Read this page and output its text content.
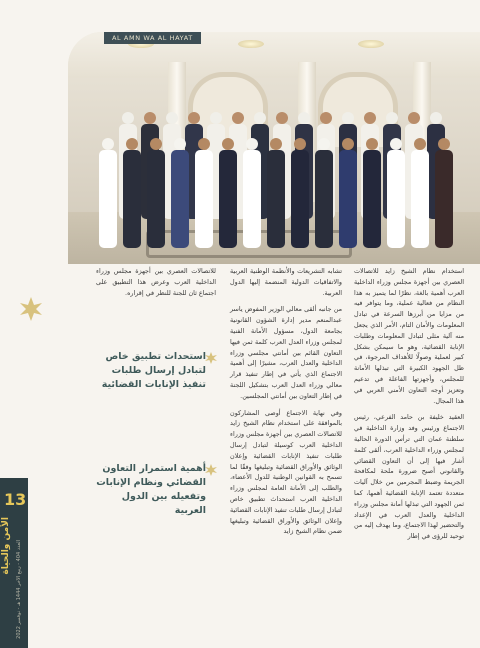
AL AMN WA AL HAYAT
13
الأمن والحياة
العدد 404 - ربيع الآخر 1444 هـ - نوفمبر 2022

استخدام نظام الشيخ زايد للاتصالات العصري بين أجهزة مجلس وزراء الداخلية العرب أهمية بالغة، نظرًا لما يتميز به هذا النظام من فعالية عملية، وما يتوافر فيه من مزايا من أبرزها السرعة في تبادل المعلومات والأمان التام، الأمر الذي يجعل منه آلية مثلى لتبادل المعلومات وطلبات الإنابة القضائية، وهو ما سيمكن بشكل كبير لعملية وصولًا للأهداف المرجوة، في ظل الجهود الكبيرة التي تبذلها الأمانة للمجلس، وأجهزتها الفاعلة في تدعيم وتعزيز أوجه التعاون الأمني العربي في هذا المجال.

العقيد خليفة بن حامد الفرعي، رئيس الاجتماع ورئيس وفد وزارة الداخلية في سلطنة عمان التي ترأس الدورة الحالية لمجلس وزراء الداخلية العرب، ألقى كلمة أشار فيها إلى أن التعاون القضائي والقانوني أصبح ضرورة ملحة لمكافحة الجريمة وضبط المجرمين من خلال آليات متعددة تعتمد الإنابة القضائية أهمها، كما ثمن الجهود التي تبذلها أمانة مجلس وزراء الداخلية والعدل العرب في الإعداد والتحضير لهذا الاجتماع، وما يهدف إليه من توحيد للرؤى في إطار

تشابه التشريعات والأنظمة الوطنية العربية والاتفاقيات الدولية المنضمة إليها الدول العربية.

من جانبه ألقى معالي الوزير المفوض ياسر عبدالمنعم مدير إدارة الشؤون القانونية بجامعة الدول، مسؤول الأمانة الفنية لمجلس وزراء العدل العرب كلمة ثمن فيها التعاون القائم بين أمانتي مجلسي وزراء الداخلية والعدل العرب، مشيرًا إلى أهمية الاجتماع الذي يأتي في إطار تنفيذ قرار معالي وزراء العدل العرب بتشكيل اللجنة في إطار التعاون بين أمانتي المجلسين.

وفي نهاية الاجتماع أوصى المشاركون بالموافقة على استخدام نظام الشيخ زايد للاتصالات العصري بين أجهزة مجلس وزراء الداخلية العرب كوسيلة لتبادل إرسال طلبات تنفيذ الإنابات القضائية وإعلان الوثائق والأوراق القضائية وتبليغها وفقًا لما تسمح به القوانين الوطنية للدول الأعضاء، والطلب إلى الأمانة العامة لمجلس وزراء الداخلية العرب استحداث تطبيق خاص لتبادل إرسال طلبات تنفيذ الإنابات القضائية وإعلان الوثائق والأوراق القضائية وتبليغها ضمن نظام الشيخ زايد

للاتصالات العصري بين أجهزة مجلس وزراء الداخلية العرب وعرض هذا التطبيق على اجتماع ثان للجنة للنظر في إقراره.

استحداث تطبيق خاص لتبادل إرسال طلبات تنفيذ الإنابات القضائية
أهمية استمرار التعاون القضائي ونظام الإنابات وتفعيله بين الدول العربية
